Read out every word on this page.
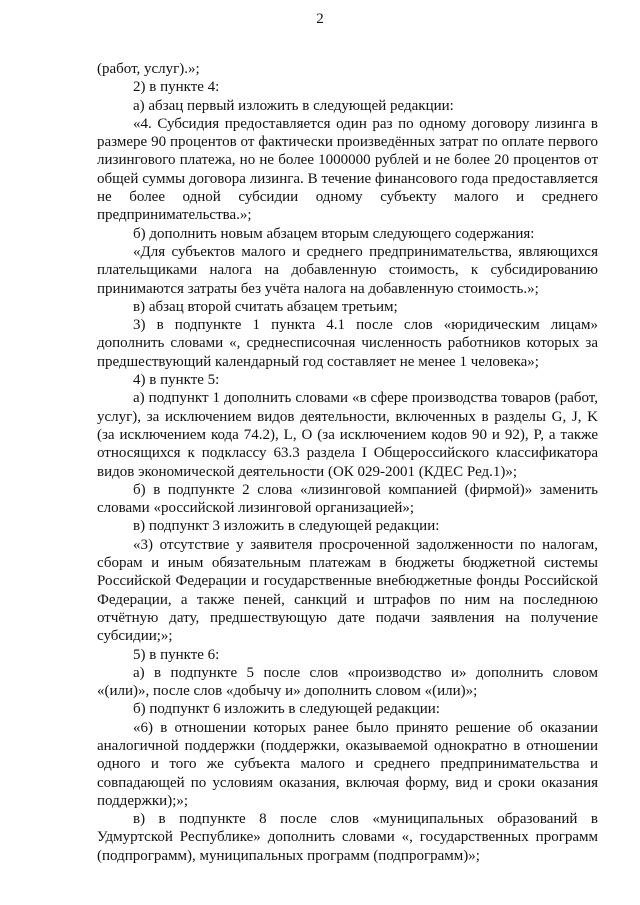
2

(работ, услуг).»;

2) в пункте 4:

а) абзац первый изложить в следующей редакции:

«4. Субсидия предоставляется один раз по одному договору лизинга в размере 90 процентов от фактически произведённых затрат по оплате первого лизингового платежа, но не более 1000000 рублей и не более 20 процентов от общей суммы договора лизинга. В течение финансового года предоставляется не более одной субсидии одному субъекту малого и среднего предпринимательства.»;

б) дополнить новым абзацем вторым следующего содержания:

«Для субъектов малого и среднего предпринимательства, являющихся плательщиками налога на добавленную стоимость, к субсидированию принимаются затраты без учёта налога на добавленную стоимость.»;

в) абзац второй считать абзацем третьим;

3) в подпункте 1 пункта 4.1 после слов «юридическим лицам» дополнить словами «, среднесписочная численность работников которых за предшествующий календарный год составляет не менее 1 человека»;

4) в пункте 5:

а) подпункт 1 дополнить словами «в сфере производства товаров (работ, услуг), за исключением видов деятельности, включенных в разделы G, J, K (за исключением кода 74.2), L, O (за исключением кодов 90 и 92), P, а также относящихся к подклассу 63.3 раздела I Общероссийского классификатора видов экономической деятельности (ОК 029-2001 (КДЕС Ред.1)»;

б) в подпункте 2 слова «лизинговой компанией (фирмой)» заменить словами «российской лизинговой организацией»;

в) подпункт 3 изложить в следующей редакции:

«3) отсутствие у заявителя просроченной задолженности по налогам, сборам и иным обязательным платежам в бюджеты бюджетной системы Российской Федерации и государственные внебюджетные фонды Российской Федерации, а также пеней, санкций и штрафов по ним на последнюю отчётную дату, предшествующую дате подачи заявления на получение субсидии;»;

5) в пункте 6:

а) в подпункте 5 после слов «производство и» дополнить словом «(или)», после слов «добычу и» дополнить словом «(или)»;

б) подпункт 6 изложить в следующей редакции:

«6) в отношении которых ранее было принято решение об оказании аналогичной поддержки (поддержки, оказываемой однократно в отношении одного и того же субъекта малого и среднего предпринимательства и совпадающей по условиям оказания, включая форму, вид и сроки оказания поддержки);»;

в) в подпункте 8 после слов «муниципальных образований в Удмуртской Республике» дополнить словами «, государственных программ (подпрограмм), муниципальных программ (подпрограмм)»;
